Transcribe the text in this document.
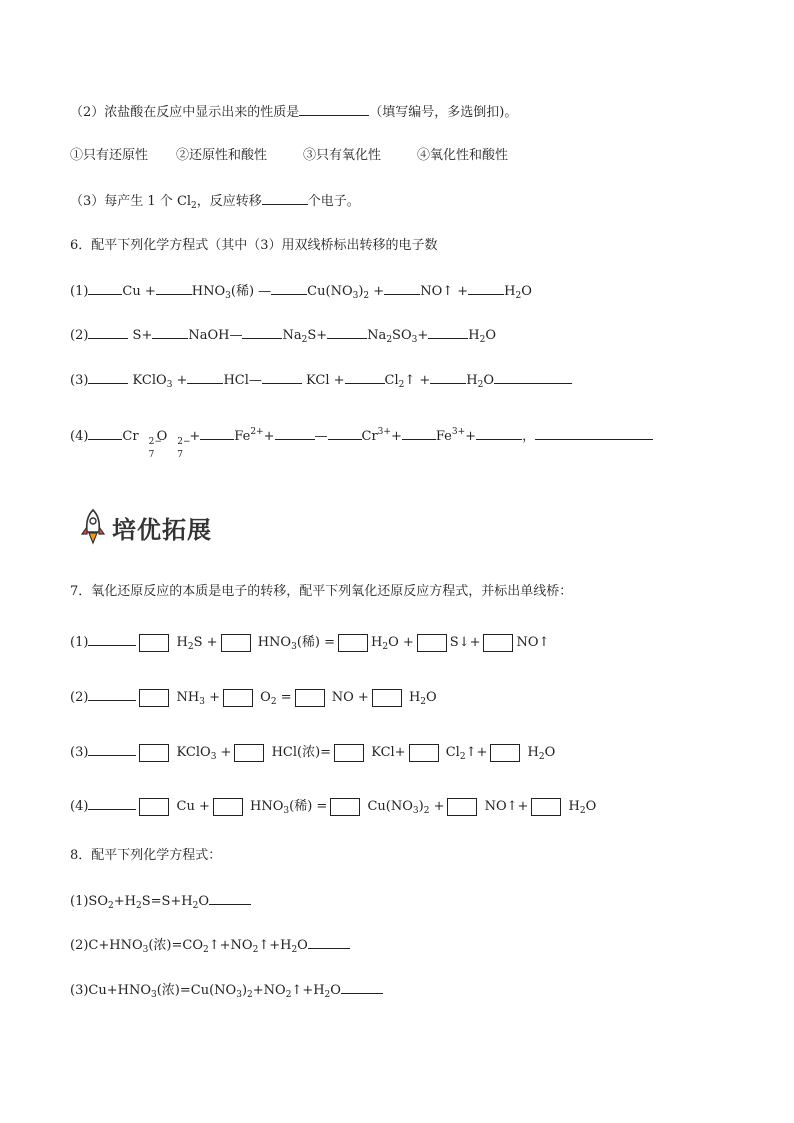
培优拓展
（2）浓盐酸在反应中显示出来的性质是	（填写编号，多选倒扣)。
①只有还原性 ②还原性和酸性	③只有氧化性	④氧化性和酸性
（3）每产生 1 个 $Cl_2$，反应转移	个电子。
6．配平下列化学方程式（其中（3）用双线桥标出转移的电子数
(1)	Cu +	$HNO_3$(稀) —	$Cu(NO_3)_2$ +	NO↑ +	$H_2O$
(2)	S+	NaOH—	$Na_2S+$	$Na_2SO_3+$	$H_2O$
(3)	KClO$_3$ +	HCl—	KCl +	$Cl_2↑$ +	$H_2O$
(4)	Cr 2−
7
O 2−
7
+	$Fe^{2+}+$	—	$Cr^{3+}+$	$Fe^{3+}+$	，
7．氧化还原反应的本质是电子的转移，配平下列氧化还原反应方程式，并标出单线桥：
(1)	$H_2S$ +	$HNO_3$(稀) =	$H_2O$ +	S↓+	NO↑
(2)	$NH_3$ +	$O_2$ =	NO +	$H_2O$
(3)	KClO$_3$ +	HCl(浓)=	KCl+	$Cl_2↑+$	$H_2O$
(4)	Cu +	$HNO_3$(稀) =	$Cu(NO_3)_2$ +	NO↑+	$H_2O$
8．配平下列化学方程式：
$(1)SO_2+H_2S=S+H_2O$
$(2)C+HNO_3$(浓)$=CO_2↑+NO_2↑+H_2O$
$(3)Cu+HNO_3$(浓)$=Cu(NO_3)_2+NO_2↑+H_2O$
